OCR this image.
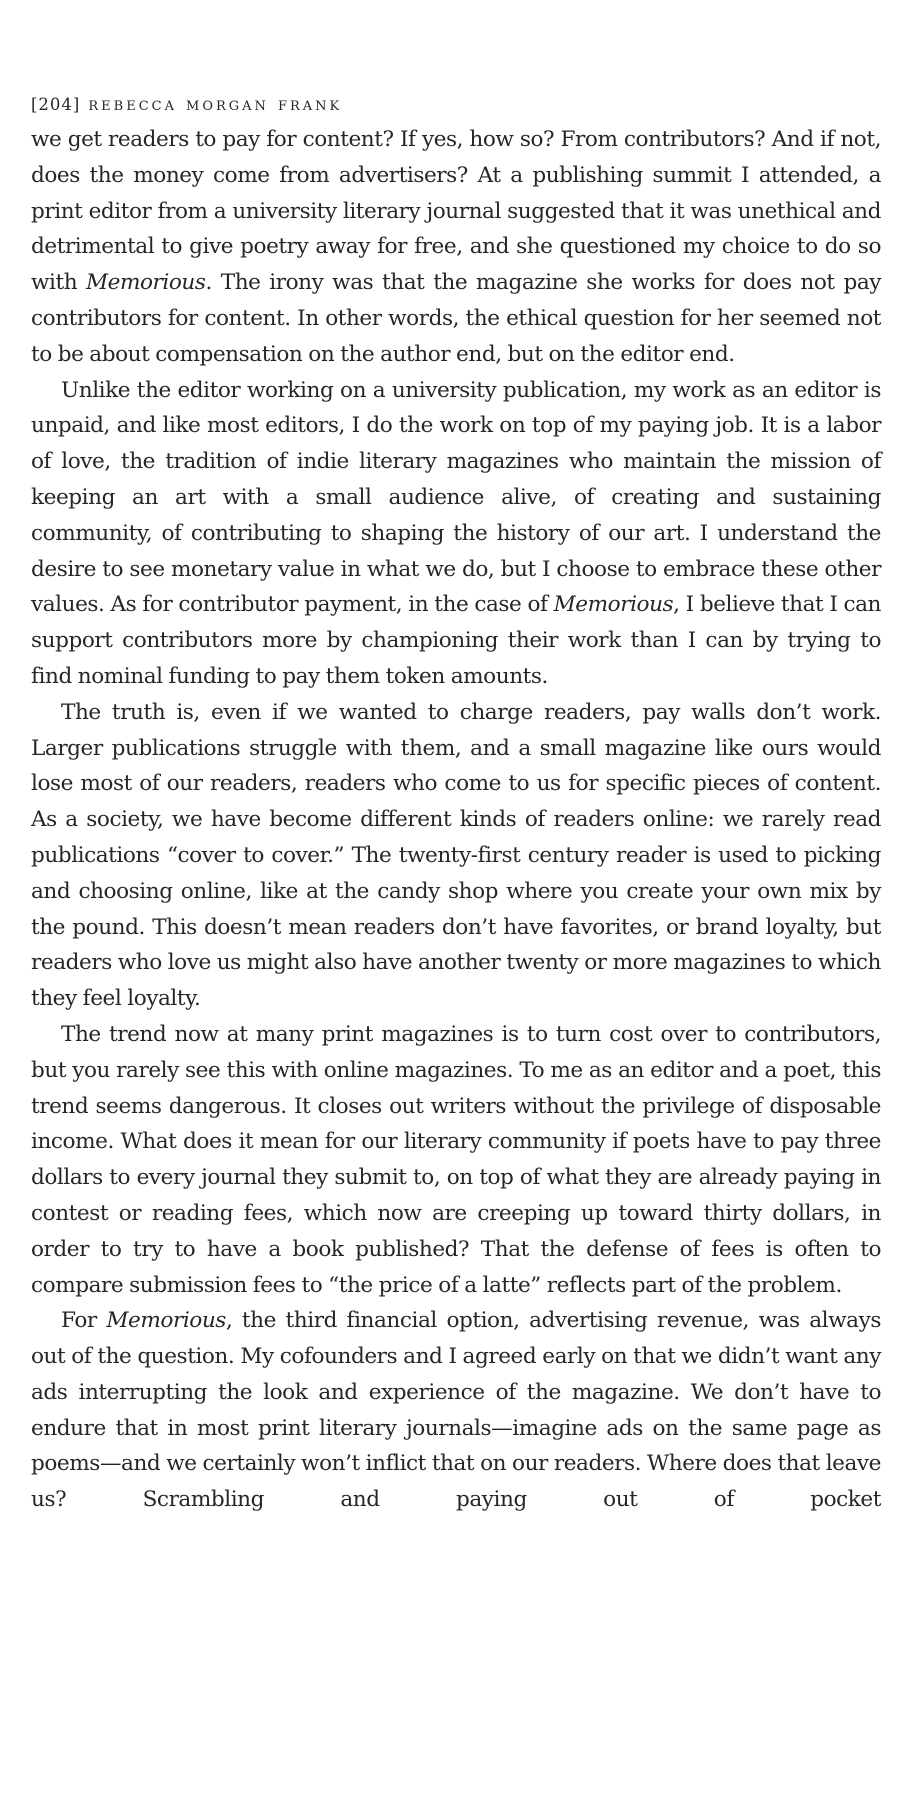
[204] rebecca morgan frank

we get readers to pay for content? If yes, how so? From contributors? And if not, does the money come from advertisers? At a publishing summit I attended, a print editor from a university literary journal suggested that it was unethical and detrimental to give poetry away for free, and she questioned my choice to do so with Memorious. The irony was that the magazine she works for does not pay contributors for content. In other words, the ethical question for her seemed not to be about compensation on the author end, but on the editor end.

Unlike the editor working on a university publication, my work as an editor is unpaid, and like most editors, I do the work on top of my paying job. It is a labor of love, the tradition of indie literary magazines who maintain the mission of keeping an art with a small audience alive, of creating and sustaining community, of contributing to shaping the history of our art. I understand the desire to see monetary value in what we do, but I choose to embrace these other values. As for contributor payment, in the case of Memorious, I believe that I can support contributors more by championing their work than I can by trying to find nominal funding to pay them token amounts.

The truth is, even if we wanted to charge readers, pay walls don’t work. Larger publications struggle with them, and a small magazine like ours would lose most of our readers, readers who come to us for specific pieces of content. As a society, we have become different kinds of readers online: we rarely read publications “cover to cover.” The twenty-first century reader is used to picking and choosing online, like at the candy shop where you create your own mix by the pound. This doesn’t mean readers don’t have favorites, or brand loyalty, but readers who love us might also have another twenty or more magazines to which they feel loyalty.

The trend now at many print magazines is to turn cost over to contributors, but you rarely see this with online magazines. To me as an editor and a poet, this trend seems dangerous. It closes out writers without the privilege of disposable income. What does it mean for our literary community if poets have to pay three dollars to every journal they submit to, on top of what they are already paying in contest or reading fees, which now are creeping up toward thirty dollars, in order to try to have a book published? That the defense of fees is often to compare submission fees to “the price of a latte” reflects part of the problem.

For Memorious, the third financial option, advertising revenue, was always out of the question. My cofounders and I agreed early on that we didn’t want any ads interrupting the look and experience of the magazine. We don’t have to endure that in most print literary journals—imagine ads on the same page as poems—and we certainly won’t inflict that on our readers. Where does that leave us? Scrambling and paying out of pocket
